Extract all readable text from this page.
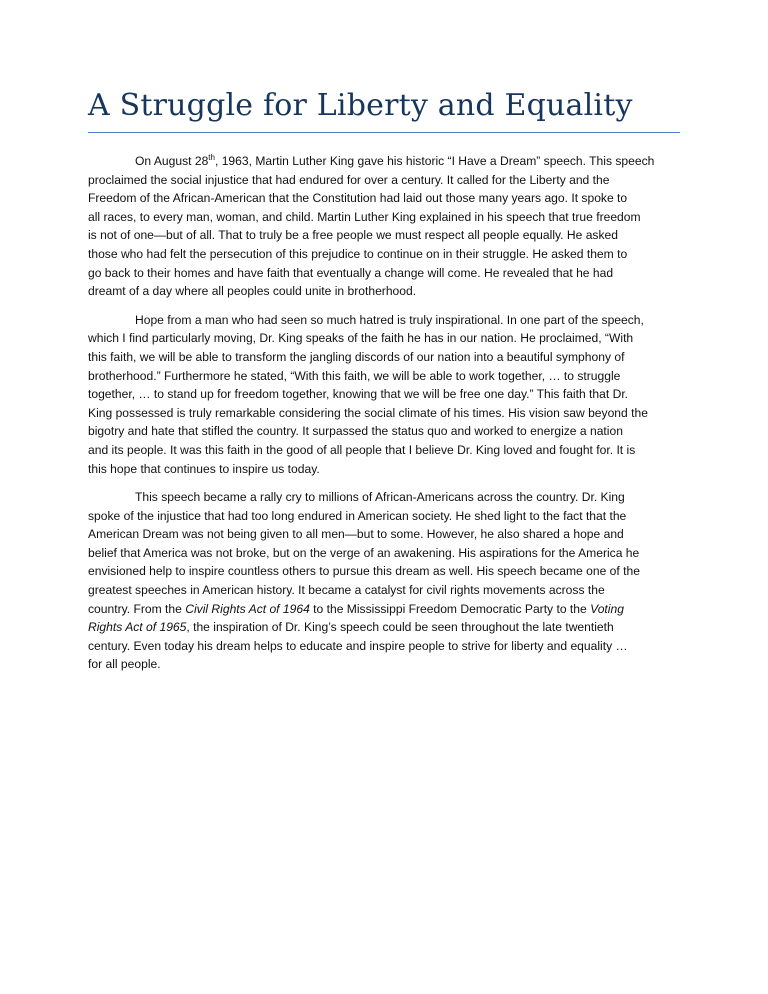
A Struggle for Liberty and Equality

On August 28th, 1963, Martin Luther King gave his historic “I Have a Dream” speech. This speech
proclaimed the social injustice that had endured for over a century. It called for the Liberty and the
Freedom of the African-American that the Constitution had laid out those many years ago. It spoke to
all races, to every man, woman, and child. Martin Luther King explained in his speech that true freedom
is not of one—but of all. That to truly be a free people we must respect all people equally. He asked
those who had felt the persecution of this prejudice to continue on in their struggle. He asked them to
go back to their homes and have faith that eventually a change will come. He revealed that he had
dreamt of a day where all peoples could unite in brotherhood.

Hope from a man who had seen so much hatred is truly inspirational. In one part of the speech,
which I find particularly moving, Dr. King speaks of the faith he has in our nation. He proclaimed, “With
this faith, we will be able to transform the jangling discords of our nation into a beautiful symphony of
brotherhood.” Furthermore he stated, “With this faith, we will be able to work together, … to struggle
together, … to stand up for freedom together, knowing that we will be free one day.” This faith that Dr.
King possessed is truly remarkable considering the social climate of his times. His vision saw beyond the
bigotry and hate that stifled the country. It surpassed the status quo and worked to energize a nation
and its people. It was this faith in the good of all people that I believe Dr. King loved and fought for. It is
this hope that continues to inspire us today.

This speech became a rally cry to millions of African-Americans across the country. Dr. King
spoke of the injustice that had too long endured in American society. He shed light to the fact that the
American Dream was not being given to all men—but to some. However, he also shared a hope and
belief that America was not broke, but on the verge of an awakening. His aspirations for the America he
envisioned help to inspire countless others to pursue this dream as well. His speech became one of the
greatest speeches in American history. It became a catalyst for civil rights movements across the
country. From the Civil Rights Act of 1964 to the Mississippi Freedom Democratic Party to the Voting
Rights Act of 1965, the inspiration of Dr. King’s speech could be seen throughout the late twentieth
century. Even today his dream helps to educate and inspire people to strive for liberty and equality …
for all people.
